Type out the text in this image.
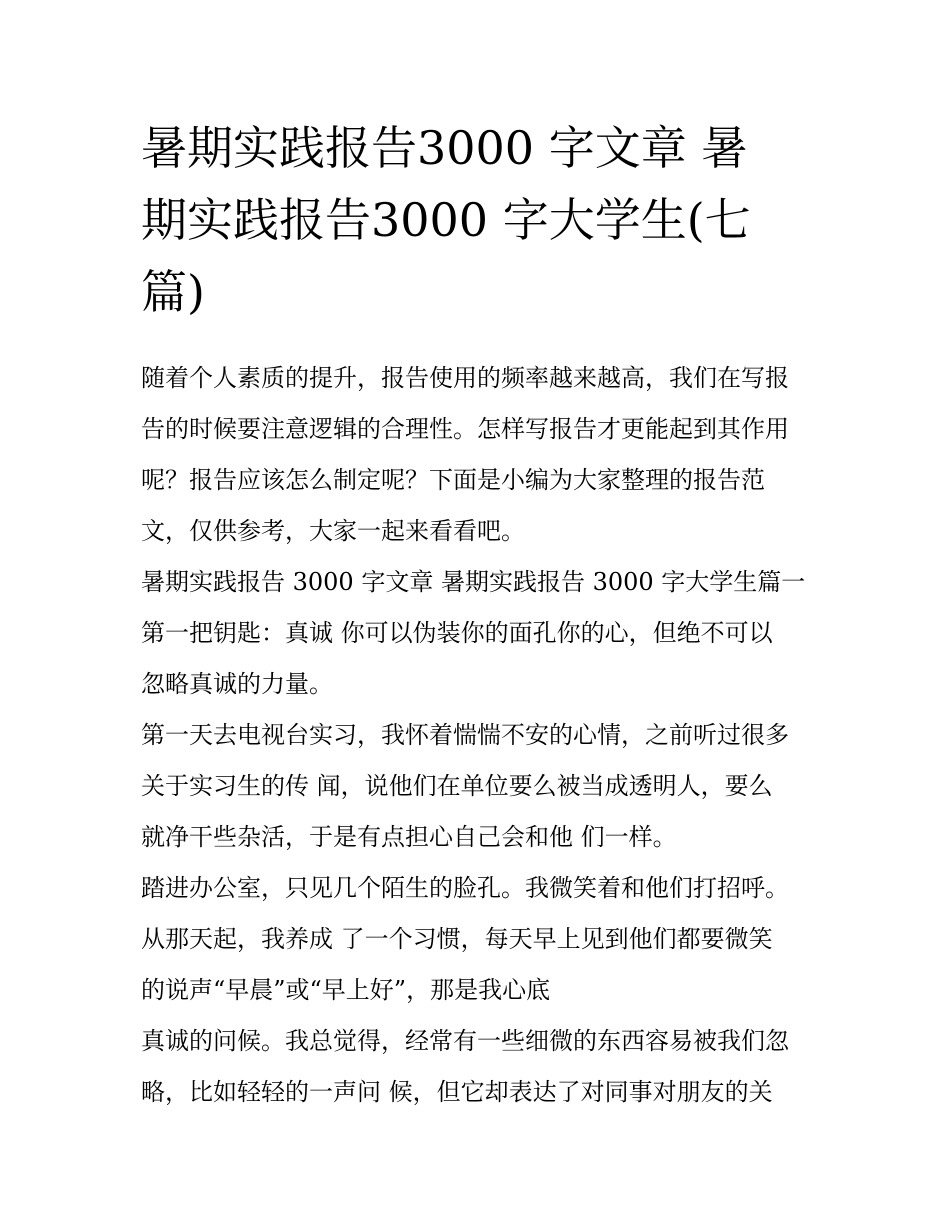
暑期实践报告3000 字文章 暑
期实践报告3000 字大学生(七
篇)
随着个人素质的提升，报告使用的频率越来越高，我们在写报
告的时候要注意逻辑的合理性。怎样写报告才更能起到其作用
呢？报告应该怎么制定呢？下面是小编为大家整理的报告范
文，仅供参考，大家一起来看看吧。
暑期实践报告 3000 字文章 暑期实践报告 3000 字大学生篇一
第一把钥匙：真诚 你可以伪装你的面孔你的心，但绝不可以
忽略真诚的力量。
第一天去电视台实习，我怀着惴惴不安的心情，之前听过很多
关于实习生的传 闻，说他们在单位要么被当成透明人，要么
就净干些杂活，于是有点担心自己会和他 们一样。
踏进办公室，只见几个陌生的脸孔。我微笑着和他们打招呼。
从那天起，我养成 了一个习惯，每天早上见到他们都要微笑
的说声“早晨”或“早上好”，那是我心底
真诚的问候。我总觉得，经常有一些细微的东西容易被我们忽
略，比如轻轻的一声问 候，但它却表达了对同事对朋友的关
